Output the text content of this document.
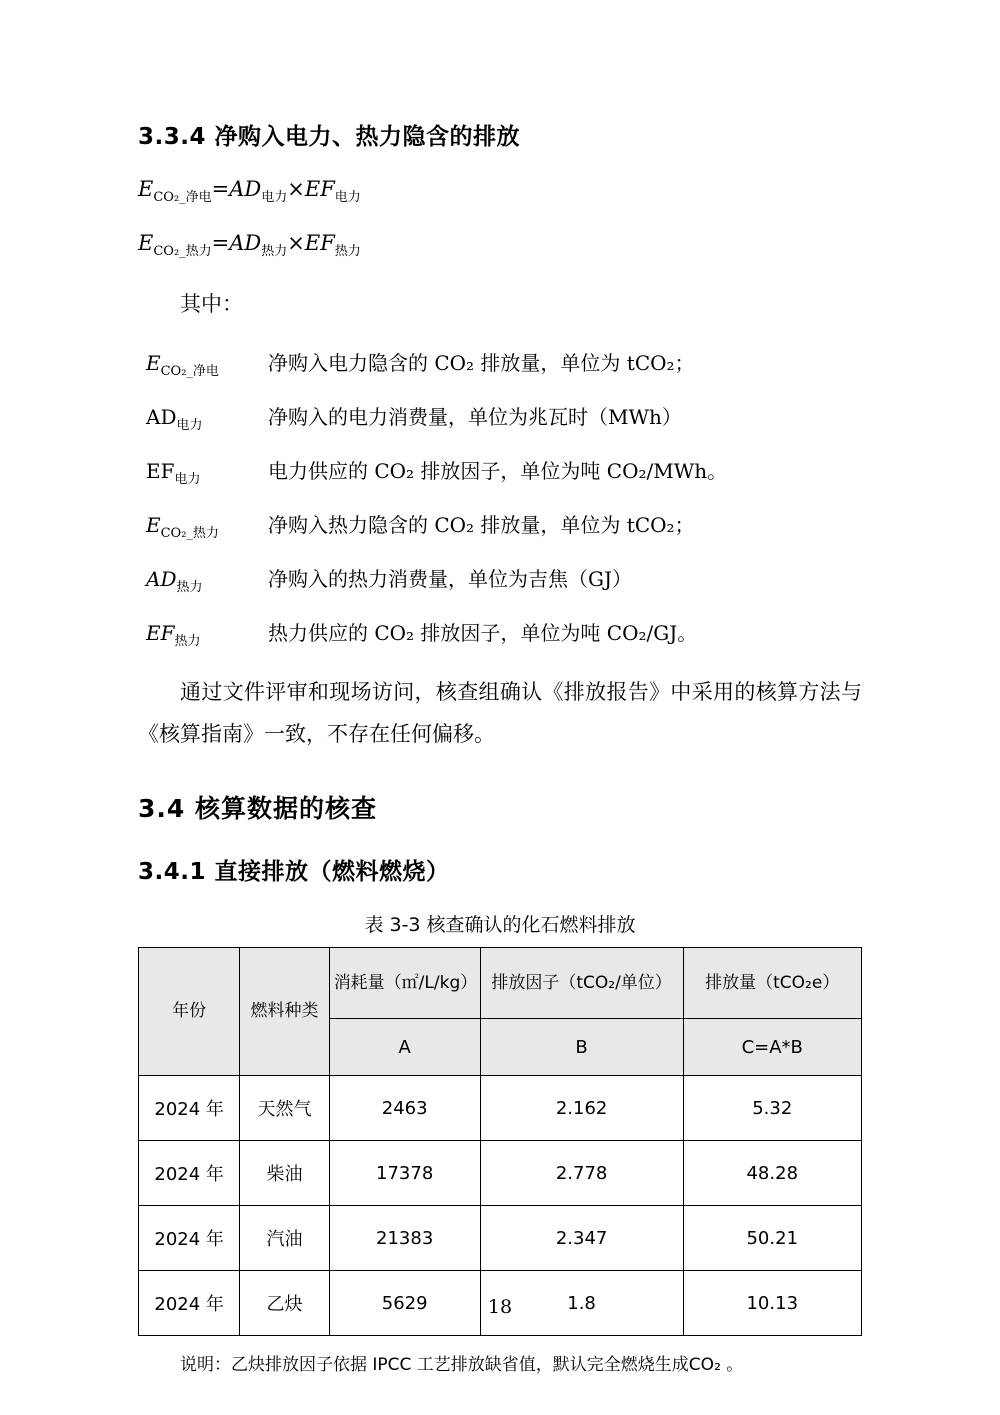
3.3.4 净购入电力、热力隐含的排放
$E_{CO_2\_净电}=AD_{电力}\times EF_{电力}$
$E_{CO_2\_热力}=AD_{热力}\times EF_{热力}$
其中：
$E_{CO_2\_净电}$	净购入电力隐含的 CO₂ 排放量，单位为 tCO₂；
$AD_{电力}$	净购入的电力消费量，单位为兆瓦时（MWh）
$EF_{电力}$	电力供应的 CO₂ 排放因子，单位为吨 CO₂/MWh。
$E_{CO_2\_热力}$	净购入热力隐含的 CO₂ 排放量，单位为 tCO₂；
$AD_{热力}$	净购入的热力消费量，单位为吉焦（GJ）
$EF_{热力}$	热力供应的 CO₂ 排放因子，单位为吨 CO₂/GJ。

通过文件评审和现场访问，核查组确认《排放报告》中采用的核算方法与《核算指南》一致，不存在任何偏移。

3.4 核算数据的核查
3.4.1 直接排放（燃料燃烧）
表 3-3 核查确认的化石燃料排放
年份	燃料种类	消耗量（㎡/L/kg）	排放因子（tCO₂/单位）	排放量（tCO₂e）
		A	B	C=A*B
2024 年	天然气	2463	2.162	5.32
2024 年	柴油	17378	2.778	48.28
2024 年	汽油	21383	2.347	50.21
2024 年	乙炔	5629	1.8	10.13
说明：乙炔排放因子依据 IPCC 工艺排放缺省值，默认完全燃烧生成CO₂ 。
18
